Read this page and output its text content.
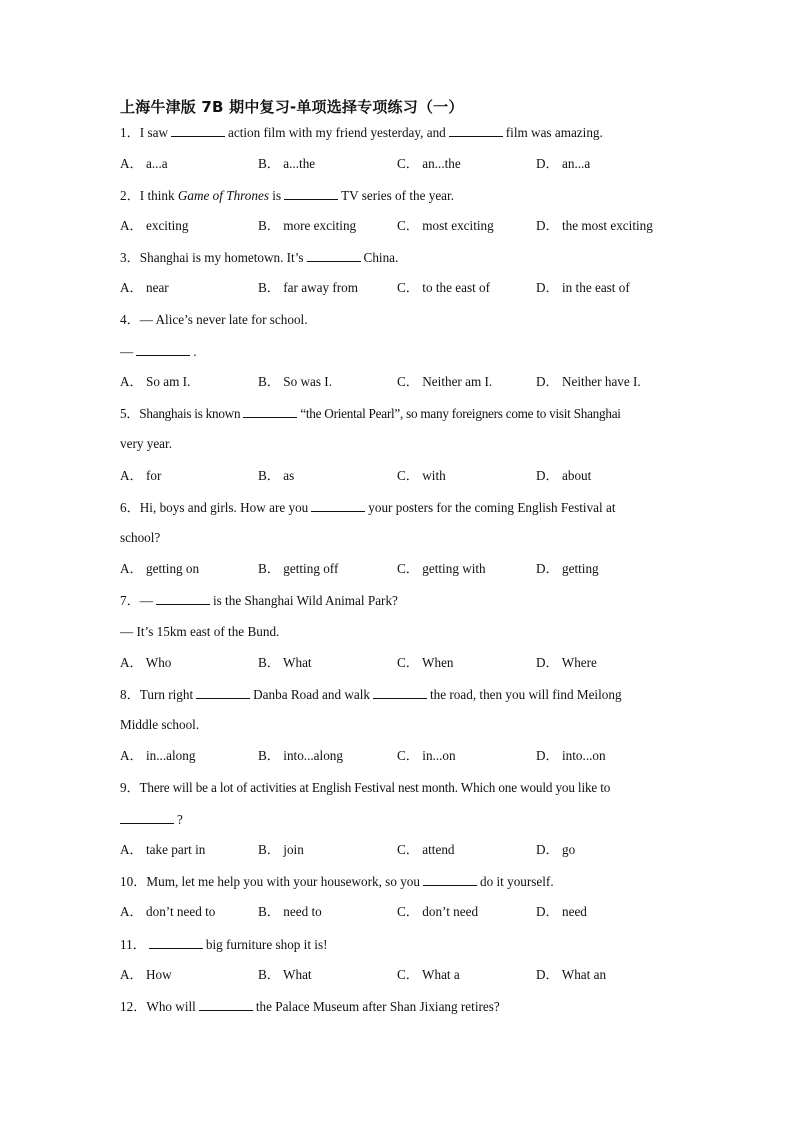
上海牛津版 7B 期中复习-单项选择专项练习（一）
1．I saw	action film with my friend yesterday, and	film was amazing.
A． a...a	B． a...the	C． an...the	D． an...a
2．I think Game of Thrones is	TV series of the year.
A． exciting	B． more exciting	C． most exciting	D． the most exciting
3．Shanghai is my hometown. It’s	China.
A． near	B． far away from	C． to the east of	D． in the east of
4．— Alice’s never late for school.
—	.
A． So am I.	B． So was I.	C． Neither am I.	D． Neither have I.
5．Shanghais is known	“the Oriental Pearl”, so many foreigners come to visit Shanghai
very year.
A． for	B． as	C． with	D． about
6．Hi, boys and girls. How are you	your posters for the coming English Festival at
school?
A． getting on	B． getting off	C． getting with	D． getting
7．—	is the Shanghai Wild Animal Park?
— It’s 15km east of the Bund.
A． Who	B． What	C． When	D． Where
8．Turn right	Danba Road and walk	the road, then you will find Meilong
Middle school.
A． in...along	B． into...along	C． in...on	D． into...on
9．There will be a lot of activities at English Festival nest month. Which one would you like to
?
A． take part in	B． join	C． attend	D． go
10．Mum, let me help you with your housework, so you	do it yourself.
A． don’t need to	B． need to	C． don’t need	D． need
11．	big furniture shop it is!
A． How	B． What	C． What a	D． What an
12．Who will	the Palace Museum after Shan Jixiang retires?
